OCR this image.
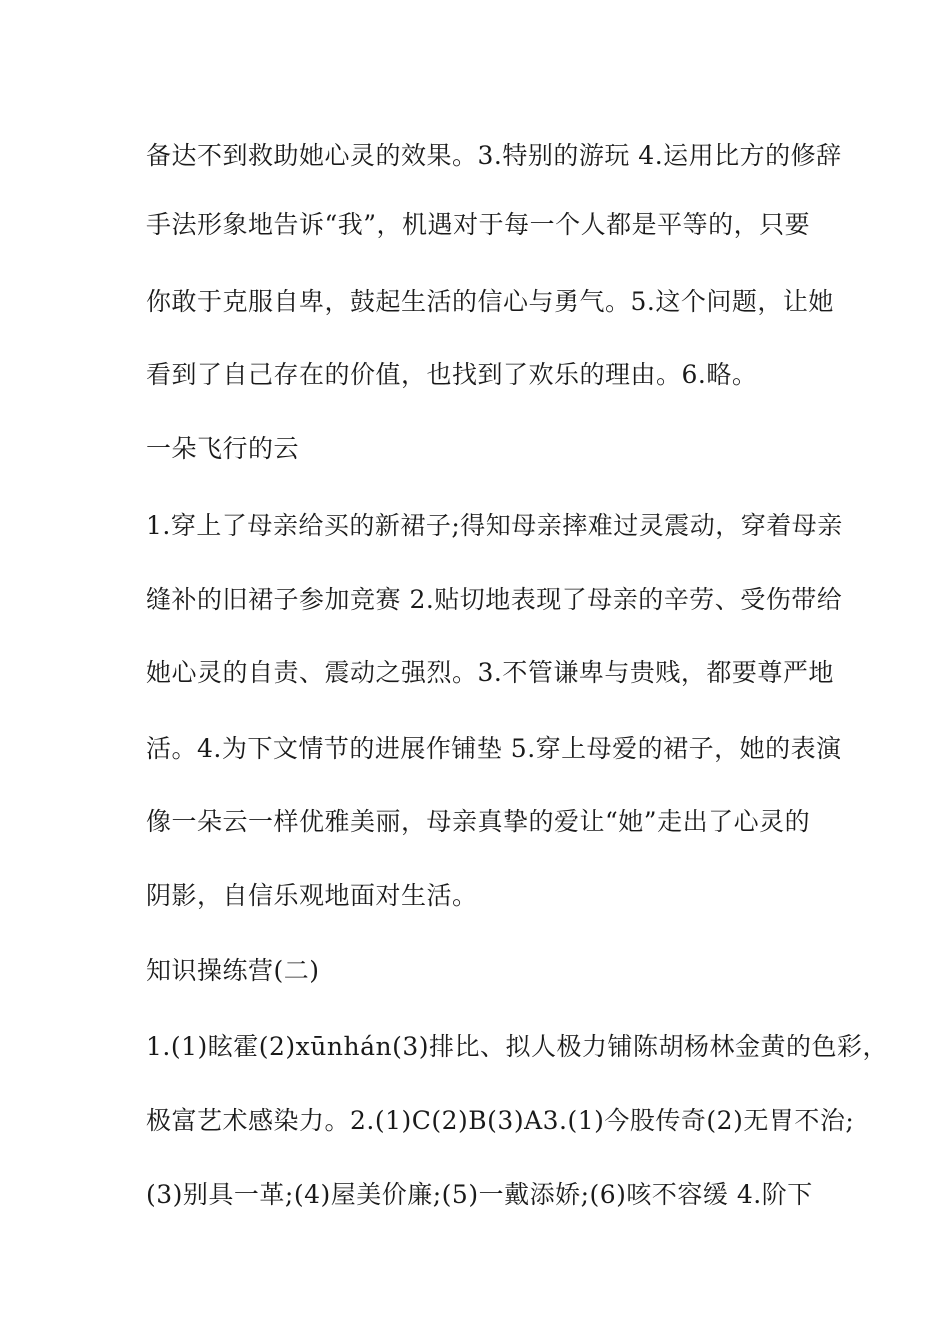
备达不到救助她心灵的效果。3.特别的游玩 4.运用比方的修辞
手法形象地告诉“我”，机遇对于每一个人都是平等的，只要
你敢于克服自卑，鼓起生活的信心与勇气。5.这个问题，让她
看到了自己存在的价值，也找到了欢乐的理由。6.略。
一朵飞行的云
1.穿上了母亲给买的新裙子;得知母亲摔难过灵震动，穿着母亲
缝补的旧裙子参加竞赛 2.贴切地表现了母亲的辛劳、受伤带给
她心灵的自责、震动之强烈。3.不管谦卑与贵贱，都要尊严地
活。4.为下文情节的进展作铺垫 5.穿上母爱的裙子，她的表演
像一朵云一样优雅美丽，母亲真挚的爱让“她”走出了心灵的
阴影，自信乐观地面对生活。
知识操练营(二)
1.(1)眩霍(2)xūnhán(3)排比、拟人极力铺陈胡杨林金黄的色彩，
极富艺术感染力。2.(1)C(2)B(3)A3.(1)今股传奇(2)无胃不治;
(3)别具一革;(4)屋美价廉;(5)一戴添娇;(6)咳不容缓 4.阶下
